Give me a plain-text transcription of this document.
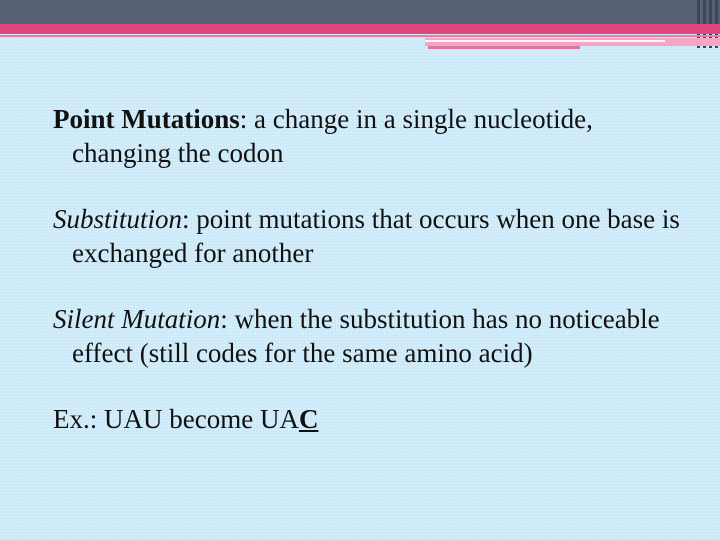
Point Mutations: a change in a single nucleotide, changing the codon
Substitution: point mutations that occurs when one base is exchanged for another
Silent Mutation: when the substitution has no noticeable effect (still codes for the same amino acid)
Ex.: UAU become UAC
